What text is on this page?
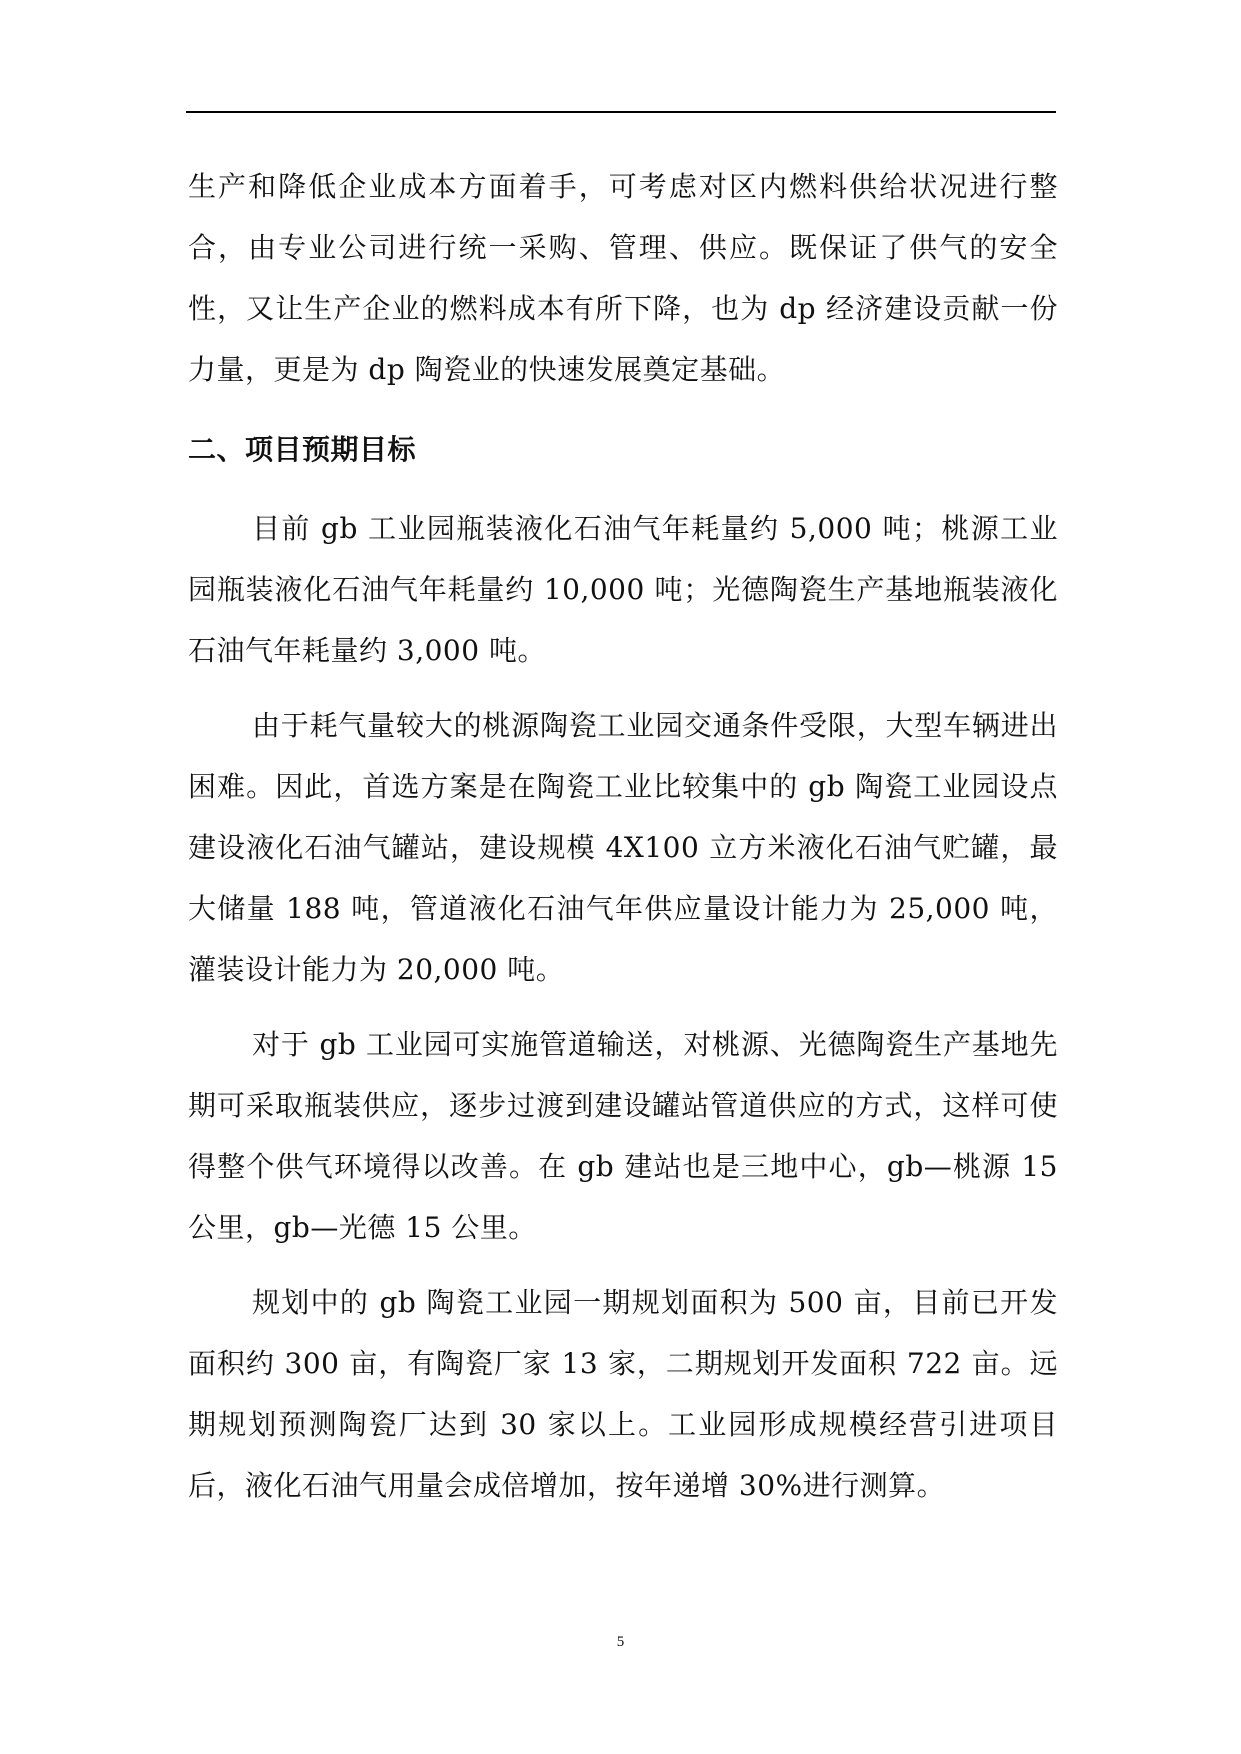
生产和降低企业成本方面着手，可考虑对区内燃料供给状况进行整合，由专业公司进行统一采购、管理、供应。既保证了供气的安全性，又让生产企业的燃料成本有所下降，也为 dp 经济建设贡献一份力量，更是为 dp 陶瓷业的快速发展奠定基础。

二、项目预期目标

目前 gb 工业园瓶装液化石油气年耗量约 5,000 吨；桃源工业园瓶装液化石油气年耗量约 10,000 吨；光德陶瓷生产基地瓶装液化石油气年耗量约 3,000 吨。

由于耗气量较大的桃源陶瓷工业园交通条件受限，大型车辆进出困难。因此，首选方案是在陶瓷工业比较集中的 gb 陶瓷工业园设点建设液化石油气罐站，建设规模 4X100 立方米液化石油气贮罐，最大储量 188 吨，管道液化石油气年供应量设计能力为 25,000 吨，灌装设计能力为 20,000 吨。

对于 gb 工业园可实施管道输送，对桃源、光德陶瓷生产基地先期可采取瓶装供应，逐步过渡到建设罐站管道供应的方式，这样可使得整个供气环境得以改善。在 gb 建站也是三地中心，gb—桃源 15 公里，gb—光德 15 公里。

规划中的 gb 陶瓷工业园一期规划面积为 500 亩，目前已开发面积约 300 亩，有陶瓷厂家 13 家，二期规划开发面积 722 亩。远期规划预测陶瓷厂达到 30 家以上。工业园形成规模经营引进项目后，液化石油气用量会成倍增加，按年递增 30%进行测算。

5
